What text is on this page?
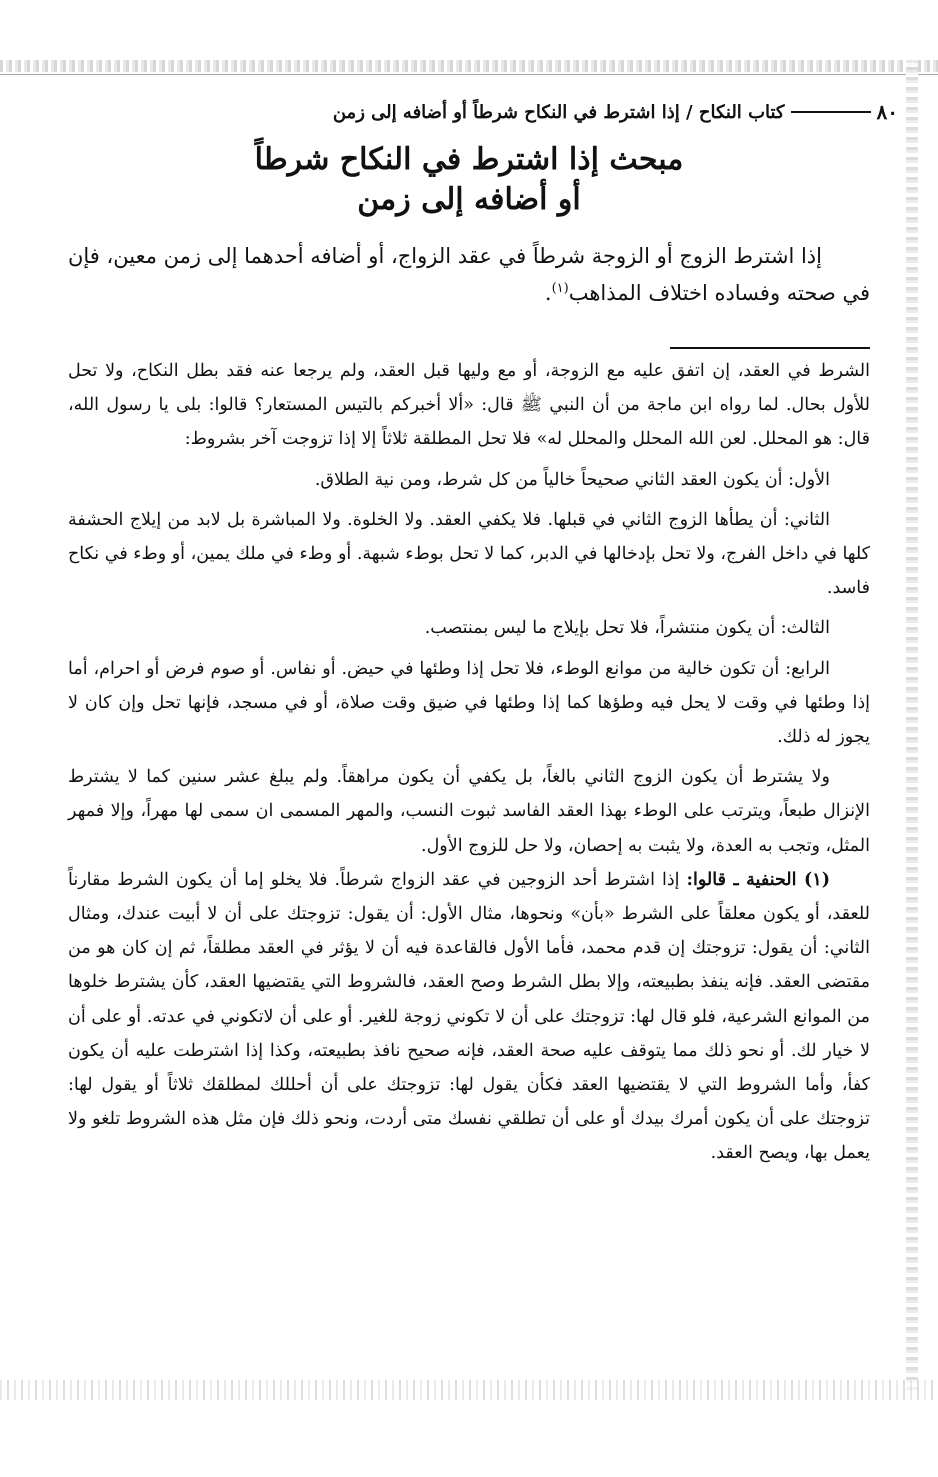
٨٠
كتاب النكاح / إذا اشترط في النكاح شرطاً أو أضافه إلى زمن
مبحث إذا اشترط في النكاح شرطاً
أو أضافه إلى زمن

إذا اشترط الزوج أو الزوجة شرطاً في عقد الزواج، أو أضافه أحدهما إلى زمن معين، فإن في صحته وفساده اختلاف المذاهب$^{(١)}$.

الشرط في العقد، إن اتفق عليه مع الزوجة، أو مع وليها قبل العقد، ولم يرجعا عنه فقد بطل النكاح، ولا تحل للأول بحال. لما رواه ابن ماجة من أن النبي ﷺ قال: «ألا أخبركم بالتيس المستعار؟ قالوا: بلى يا رسول الله، قال: هو المحلل. لعن الله المحلل والمحلل له» فلا تحل المطلقة ثلاثاً إلا إذا تزوجت آخر بشروط:

الأول: أن يكون العقد الثاني صحيحاً خالياً من كل شرط، ومن نية الطلاق.

الثاني: أن يطأها الزوج الثاني في قبلها. فلا يكفي العقد. ولا الخلوة. ولا المباشرة بل لابد من إيلاج الحشفة كلها في داخل الفرج، ولا تحل بإدخالها في الدبر، كما لا تحل بوطء شبهة. أو وطء في ملك يمين، أو وطء في نكاح فاسد.

الثالث: أن يكون منتشراً، فلا تحل بإيلاج ما ليس بمنتصب.

الرابع: أن تكون خالية من موانع الوطء، فلا تحل إذا وطئها في حيض. أو نفاس. أو صوم فرض أو احرام، أما إذا وطئها في وقت لا يحل فيه وطؤها كما إذا وطئها في ضيق وقت صلاة، أو في مسجد، فإنها تحل وإن كان لا يجوز له ذلك.

ولا يشترط أن يكون الزوج الثاني بالغاً، بل يكفي أن يكون مراهقاً. ولم يبلغ عشر سنين كما لا يشترط الإنزال طبعاً، ويترتب على الوطء بهذا العقد الفاسد ثبوت النسب، والمهر المسمى ان سمى لها مهراً، وإلا فمهر المثل، وتجب به العدة، ولا يثبت به إحصان، ولا حل للزوج الأول.

(١) الحنفية ـ قالوا: إذا اشترط أحد الزوجين في عقد الزواج شرطاً. فلا يخلو إما أن يكون الشرط مقارناً للعقد، أو يكون معلقاً على الشرط «بأن» ونحوها، مثال الأول: أن يقول: تزوجتك على أن لا أبيت عندك، ومثال الثاني: أن يقول: تزوجتك إن قدم محمد، فأما الأول فالقاعدة فيه أن لا يؤثر في العقد مطلقاً، ثم إن كان هو من مقتضى العقد. فإنه ينفذ بطبيعته، وإلا بطل الشرط وصح العقد، فالشروط التي يقتضيها العقد، كأن يشترط خلوها من الموانع الشرعية، فلو قال لها: تزوجتك على أن لا تكوني زوجة للغير. أو على أن لاتكوني في عدته. أو على أن لا خيار لك. أو نحو ذلك مما يتوقف عليه صحة العقد، فإنه صحيح نافذ بطبيعته، وكذا إذا اشترطت عليه أن يكون كفأ، وأما الشروط التي لا يقتضيها العقد فكأن يقول لها: تزوجتك على أن أحللك لمطلقك ثلاثاً أو يقول لها: تزوجتك على أن يكون أمرك بيدك أو على أن تطلقي نفسك متى أردت، ونحو ذلك فإن مثل هذه الشروط تلغو ولا يعمل بها، ويصح العقد.
